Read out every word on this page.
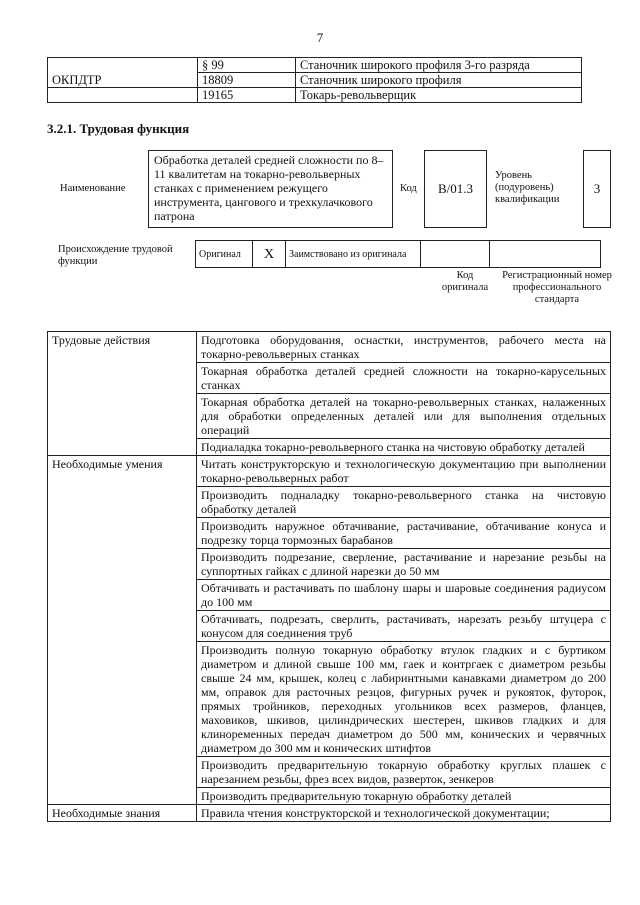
7
	§ 99	Станочник широкого профиля 3-го разряда
ОКПДТР	18809	Станочник широкого профиля
	19165	Токарь-револьверщик
3.2.1. Трудовая функция
Наименование
Обработка деталей средней сложности по 8–11 квалитетам на токарно-револьверных станках с применением режущего инструмента, цангового и трехкулачкового патрона
Код	B/01.3
Уровень (подуровень) квалификации
3
Происхождение трудовой функции
Оригинал	X	Заимствовано из оригинала		
Код оригинала
Регистрационный номер профессионального стандарта
Трудовые действия	Подготовка оборудования, оснастки, инструментов, рабочего места на токарно-револьверных станках
	Токарная обработка деталей средней сложности на токарно-карусельных станках
	Токарная обработка деталей на токарно-револьверных станках, налаженных для обработки определенных деталей или для выполнения отдельных операций
	Подиаладка токарно-револьверного станка на чистовую обработку деталей
Необходимые умения	Читать конструкторскую и технологическую документацию при выполнении токарно-револьверных работ
	Производить подналадку токарно-револьверного станка на чистовую обработку деталей
	Производить наружное обтачивание, растачивание, обтачивание конуса и подрезку торца тормозных барабанов
	Производить подрезание, сверление, растачивание и нарезание резьбы на суппортных гайках с длиной нарезки до 50 мм
	Обтачивать и растачивать по шаблону шары и шаровые соединения радиусом до 100 мм
	Обтачивать, подрезать, сверлить, растачивать, нарезать резьбу штуцера с конусом для соединения труб
	Производить полную токарную обработку втулок гладких и с буртиком диаметром и длиной свыше 100 мм, гаек и контргаек с диаметром резьбы свыше 24 мм, крышек, колец с лабиринтными канавками диаметром до 200 мм, оправок для расточных резцов, фигурных ручек и рукояток, футорок, прямых тройников, переходных угольников всех размеров, фланцев, маховиков, шкивов, цилиндрических шестерен, шкивов гладких и для клиноременных передач диаметром до 500 мм, конических и червячных диаметром до 300 мм и конических штифтов
	Производить предварительную токарную обработку круглых плашек с нарезанием резьбы, фрез всех видов, разверток, зенкеров
	Производить предварительную токарную обработку деталей
Необходимые знания	Правила чтения конструкторской и технологической документации;
